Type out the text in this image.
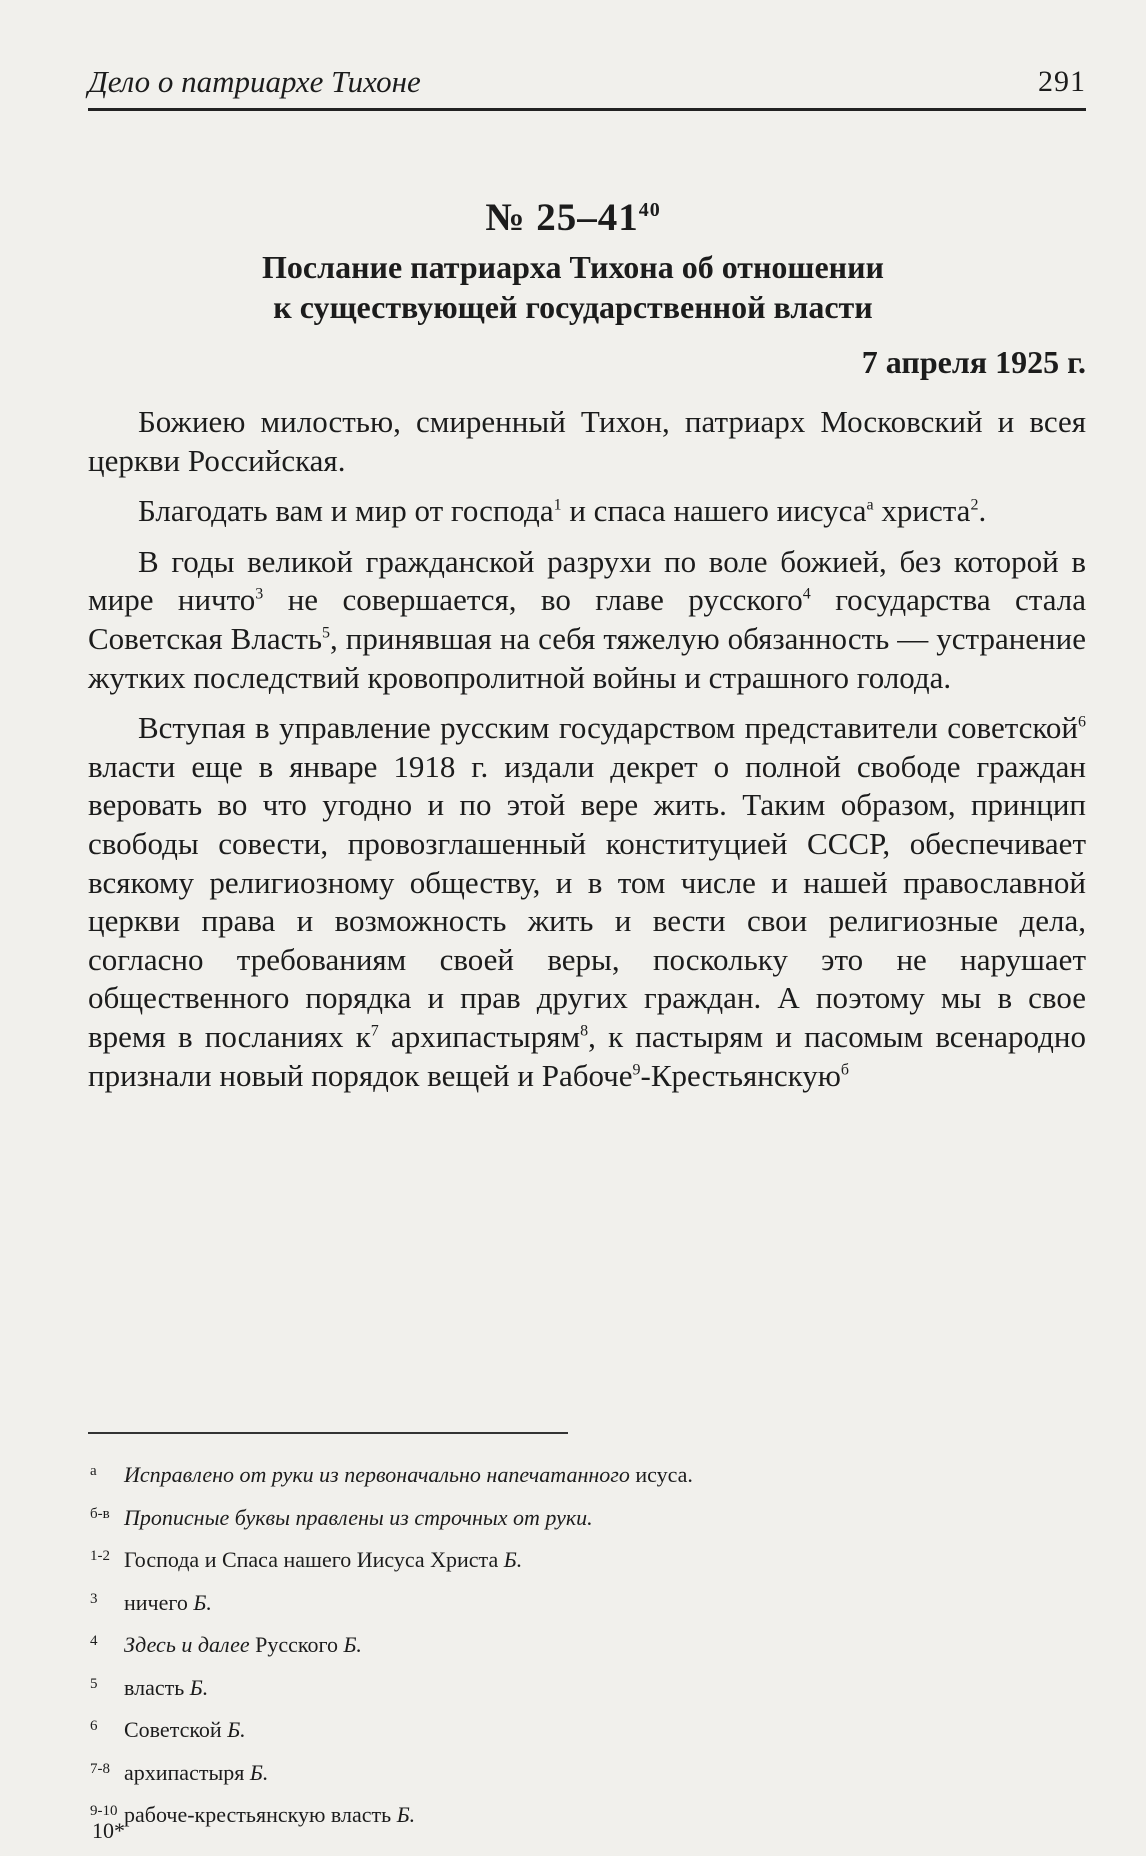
Дело о патриархе Тихоне	291
№ $25-41^{40}$
Послание патриарха Тихона об отношении
к существующей государственной власти
7 апреля 1925 г.

Божиею милостью, смиренный Тихон, патриарх Московский и всея церкви Российская.

Благодать вам и мир от господа$^1$ и спаса нашего иисуса$^а$ христа$^2$.

В годы великой гражданской разрухи по воле божией, без которой в мире ничто$^3$ не совершается, во главе русского$^4$ государства стала Советская Власть$^5$, принявшая на себя тяжелую обязанность — устранение жутких последствий кровопролитной войны и страшного голода.

Вступая в управление русским государством представители советской$^6$ власти еще в январе 1918 г. издали декрет о полной свободе граждан веровать во что угодно и по этой вере жить. Таким образом, принцип свободы совести, провозглашенный конституцией СССР, обеспечивает всякому религиозному обществу, и в том числе и нашей православной церкви права и возможность жить и вести свои религиозные дела, согласно требованиям своей веры, поскольку это не нарушает общественного порядка и прав других граждан. А поэтому мы в свое время в посланиях $к^7$ архипастырям$^8$, к пастырям и пасомым всенародно признали новый порядок вещей и Рабоче$^9$-Крестьянскую$^б$

а Исправлено от руки из первоначально напечатанного исуса.
б-в Прописные буквы правлены из строчных от руки.
1-2 Господа и Спаса нашего Иисуса Христа Б.
3 ничего Б.
4 Здесь и далее Русского Б.
5 власть Б.
6 Советской Б.
7-8 архипастыря Б.
9-10 рабоче-крестьянскую власть Б.
10*
